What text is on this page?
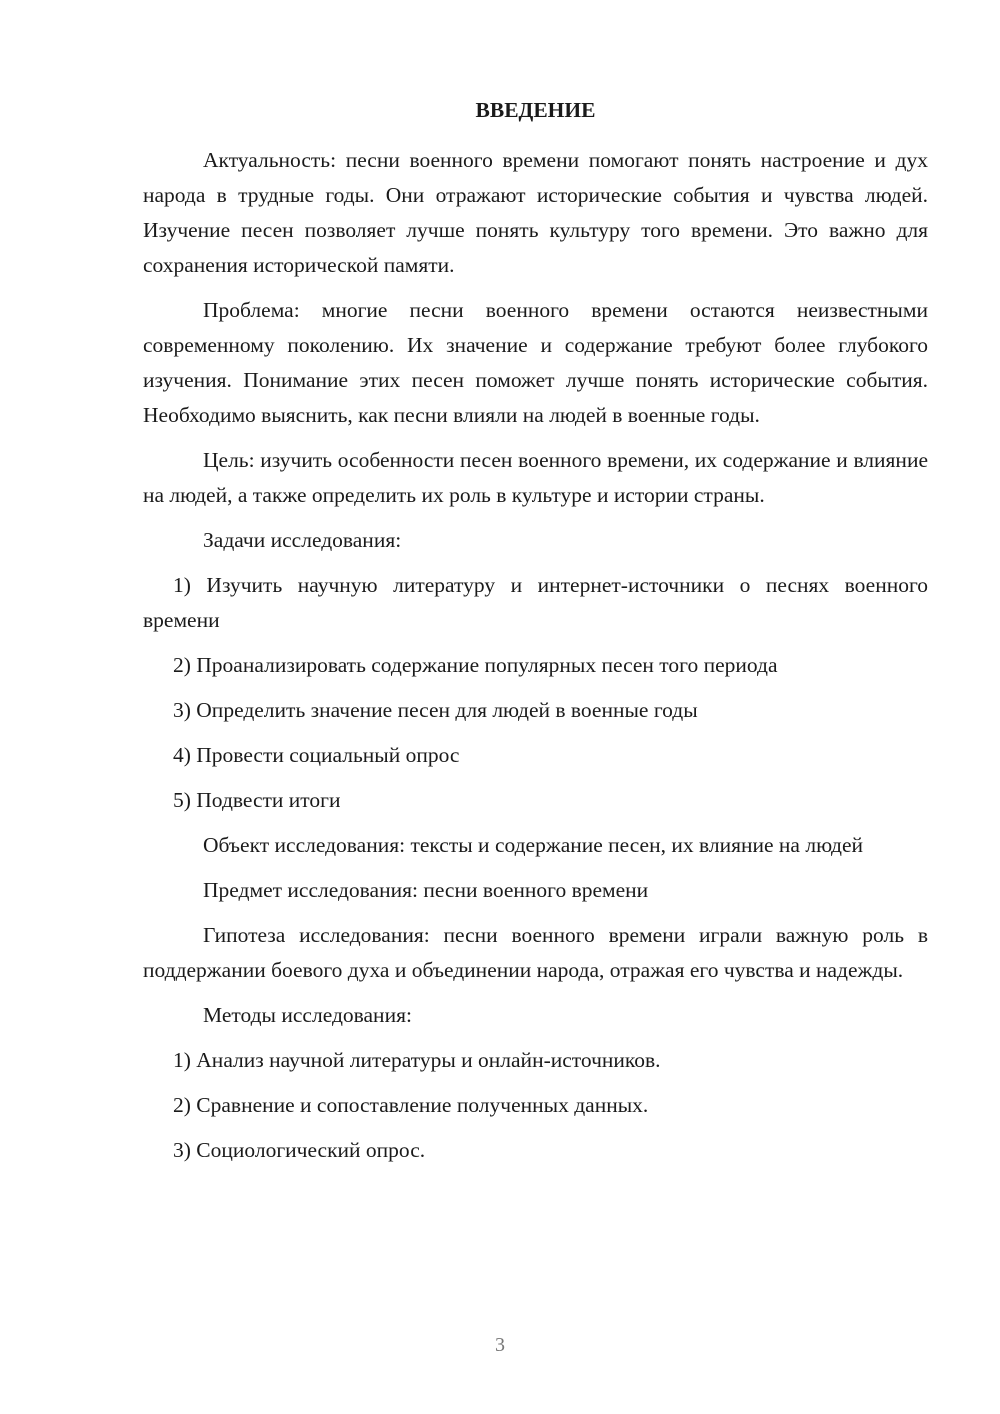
ВВЕДЕНИЕ

Актуальность: песни военного времени помогают понять настроение и дух народа в трудные годы. Они отражают исторические события и чувства людей. Изучение песен позволяет лучше понять культуру того времени. Это важно для сохранения исторической памяти.

Проблема: многие песни военного времени остаются неизвестными современному поколению. Их значение и содержание требуют более глубокого изучения. Понимание этих песен поможет лучше понять исторические события. Необходимо выяснить, как песни влияли на людей в военные годы.

Цель: изучить особенности песен военного времени, их содержание и влияние на людей, а также определить их роль в культуре и истории страны.

Задачи исследования:

1) Изучить научную литературу и интернет-источники о песнях военного времени

2) Проанализировать содержание популярных песен того периода

3) Определить значение песен для людей в военные годы

4) Провести социальный опрос

5) Подвести итоги

Объект исследования: тексты и содержание песен, их влияние на людей

Предмет исследования: песни военного времени

Гипотеза исследования: песни военного времени играли важную роль в поддержании боевого духа и объединении народа, отражая его чувства и надежды.

Методы исследования:

1) Анализ научной литературы и онлайн-источников.

2) Сравнение и сопоставление полученных данных.

3) Социологический опрос.

3
